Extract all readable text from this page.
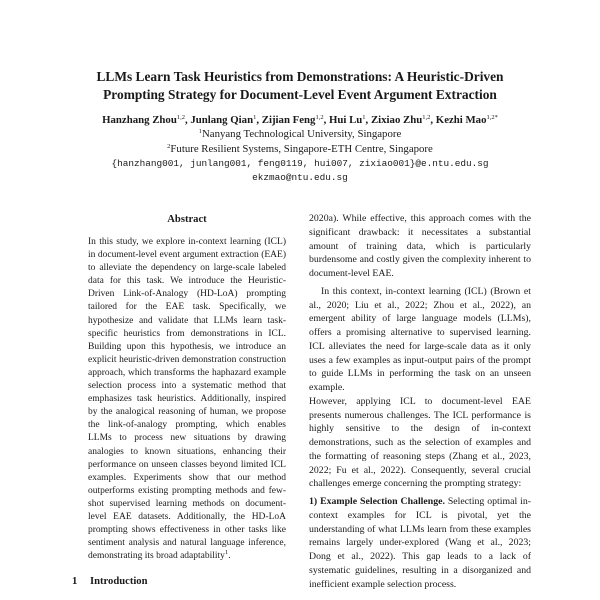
LLMs Learn Task Heuristics from Demonstrations: A Heuristic-Driven
Prompting Strategy for Document-Level Event Argument Extraction
Hanzhang Zhou$^{1,2}$, Junlang Qian$^1$, Zijian Feng$^{1,2}$, Hui Lu$^1$, Zixiao Zhu$^{1,2}$, Kezhi Mao$^{1,2*}$
$^1$Nanyang Technological University, Singapore
$^2$Future Resilient Systems, Singapore-ETH Centre, Singapore
{hanzhang001, junlang001, feng0119, hui007, zixiao001}@e.ntu.edu.sg
ekzmao@ntu.edu.sg
Abstract
In this study, we explore in-context learning (ICL) in document-level event argument extraction (EAE) to alleviate the dependency on large-scale labeled data for this task. We introduce the Heuristic-Driven Link-of-Analogy (HD-LoA) prompting tailored for the EAE task. Specifically, we hypothesize and validate that LLMs learn task-specific heuristics from demonstrations in ICL. Building upon this hypothesis, we introduce an explicit heuristic-driven demonstration construction approach, which transforms the haphazard example selection process into a systematic method that emphasizes task heuristics. Additionally, inspired by the analogical reasoning of human, we propose the link-of-analogy prompting, which enables LLMs to process new situations by drawing analogies to known situations, enhancing their performance on unseen classes beyond limited ICL examples. Experiments show that our method outperforms existing prompting methods and few-shot supervised learning methods on document-level EAE datasets. Additionally, the HD-LoA prompting shows effectiveness in other tasks like sentiment analysis and natural language inference, demonstrating its broad adaptability$^1$.
1 Introduction

2020a). While effective, this approach comes with the significant drawback: it necessitates a substantial amount of training data, which is particularly burdensome and costly given the complexity inherent to document-level EAE.

In this context, in-context learning (ICL) (Brown et al., 2020; Liu et al., 2022; Zhou et al., 2022), an emergent ability of large language models (LLMs), offers a promising alternative to supervised learning. ICL alleviates the need for large-scale data as it only uses a few examples as input-output pairs of the prompt to guide LLMs in performing the task on an unseen example.

However, applying ICL to document-level EAE presents numerous challenges. The ICL performance is highly sensitive to the design of in-context demonstrations, such as the selection of examples and the formatting of reasoning steps (Zhang et al., 2023, 2022; Fu et al., 2022). Consequently, several crucial challenges emerge concerning the prompting strategy:

1) Example Selection Challenge. Selecting optimal in-context examples for ICL is pivotal, yet the understanding of what LLMs learn from these examples remains largely under-explored (Wang et al., 2023; Dong et al., 2022). This gap leads to a lack of systematic guidelines, resulting in a disorganized and inefficient example selection process.
